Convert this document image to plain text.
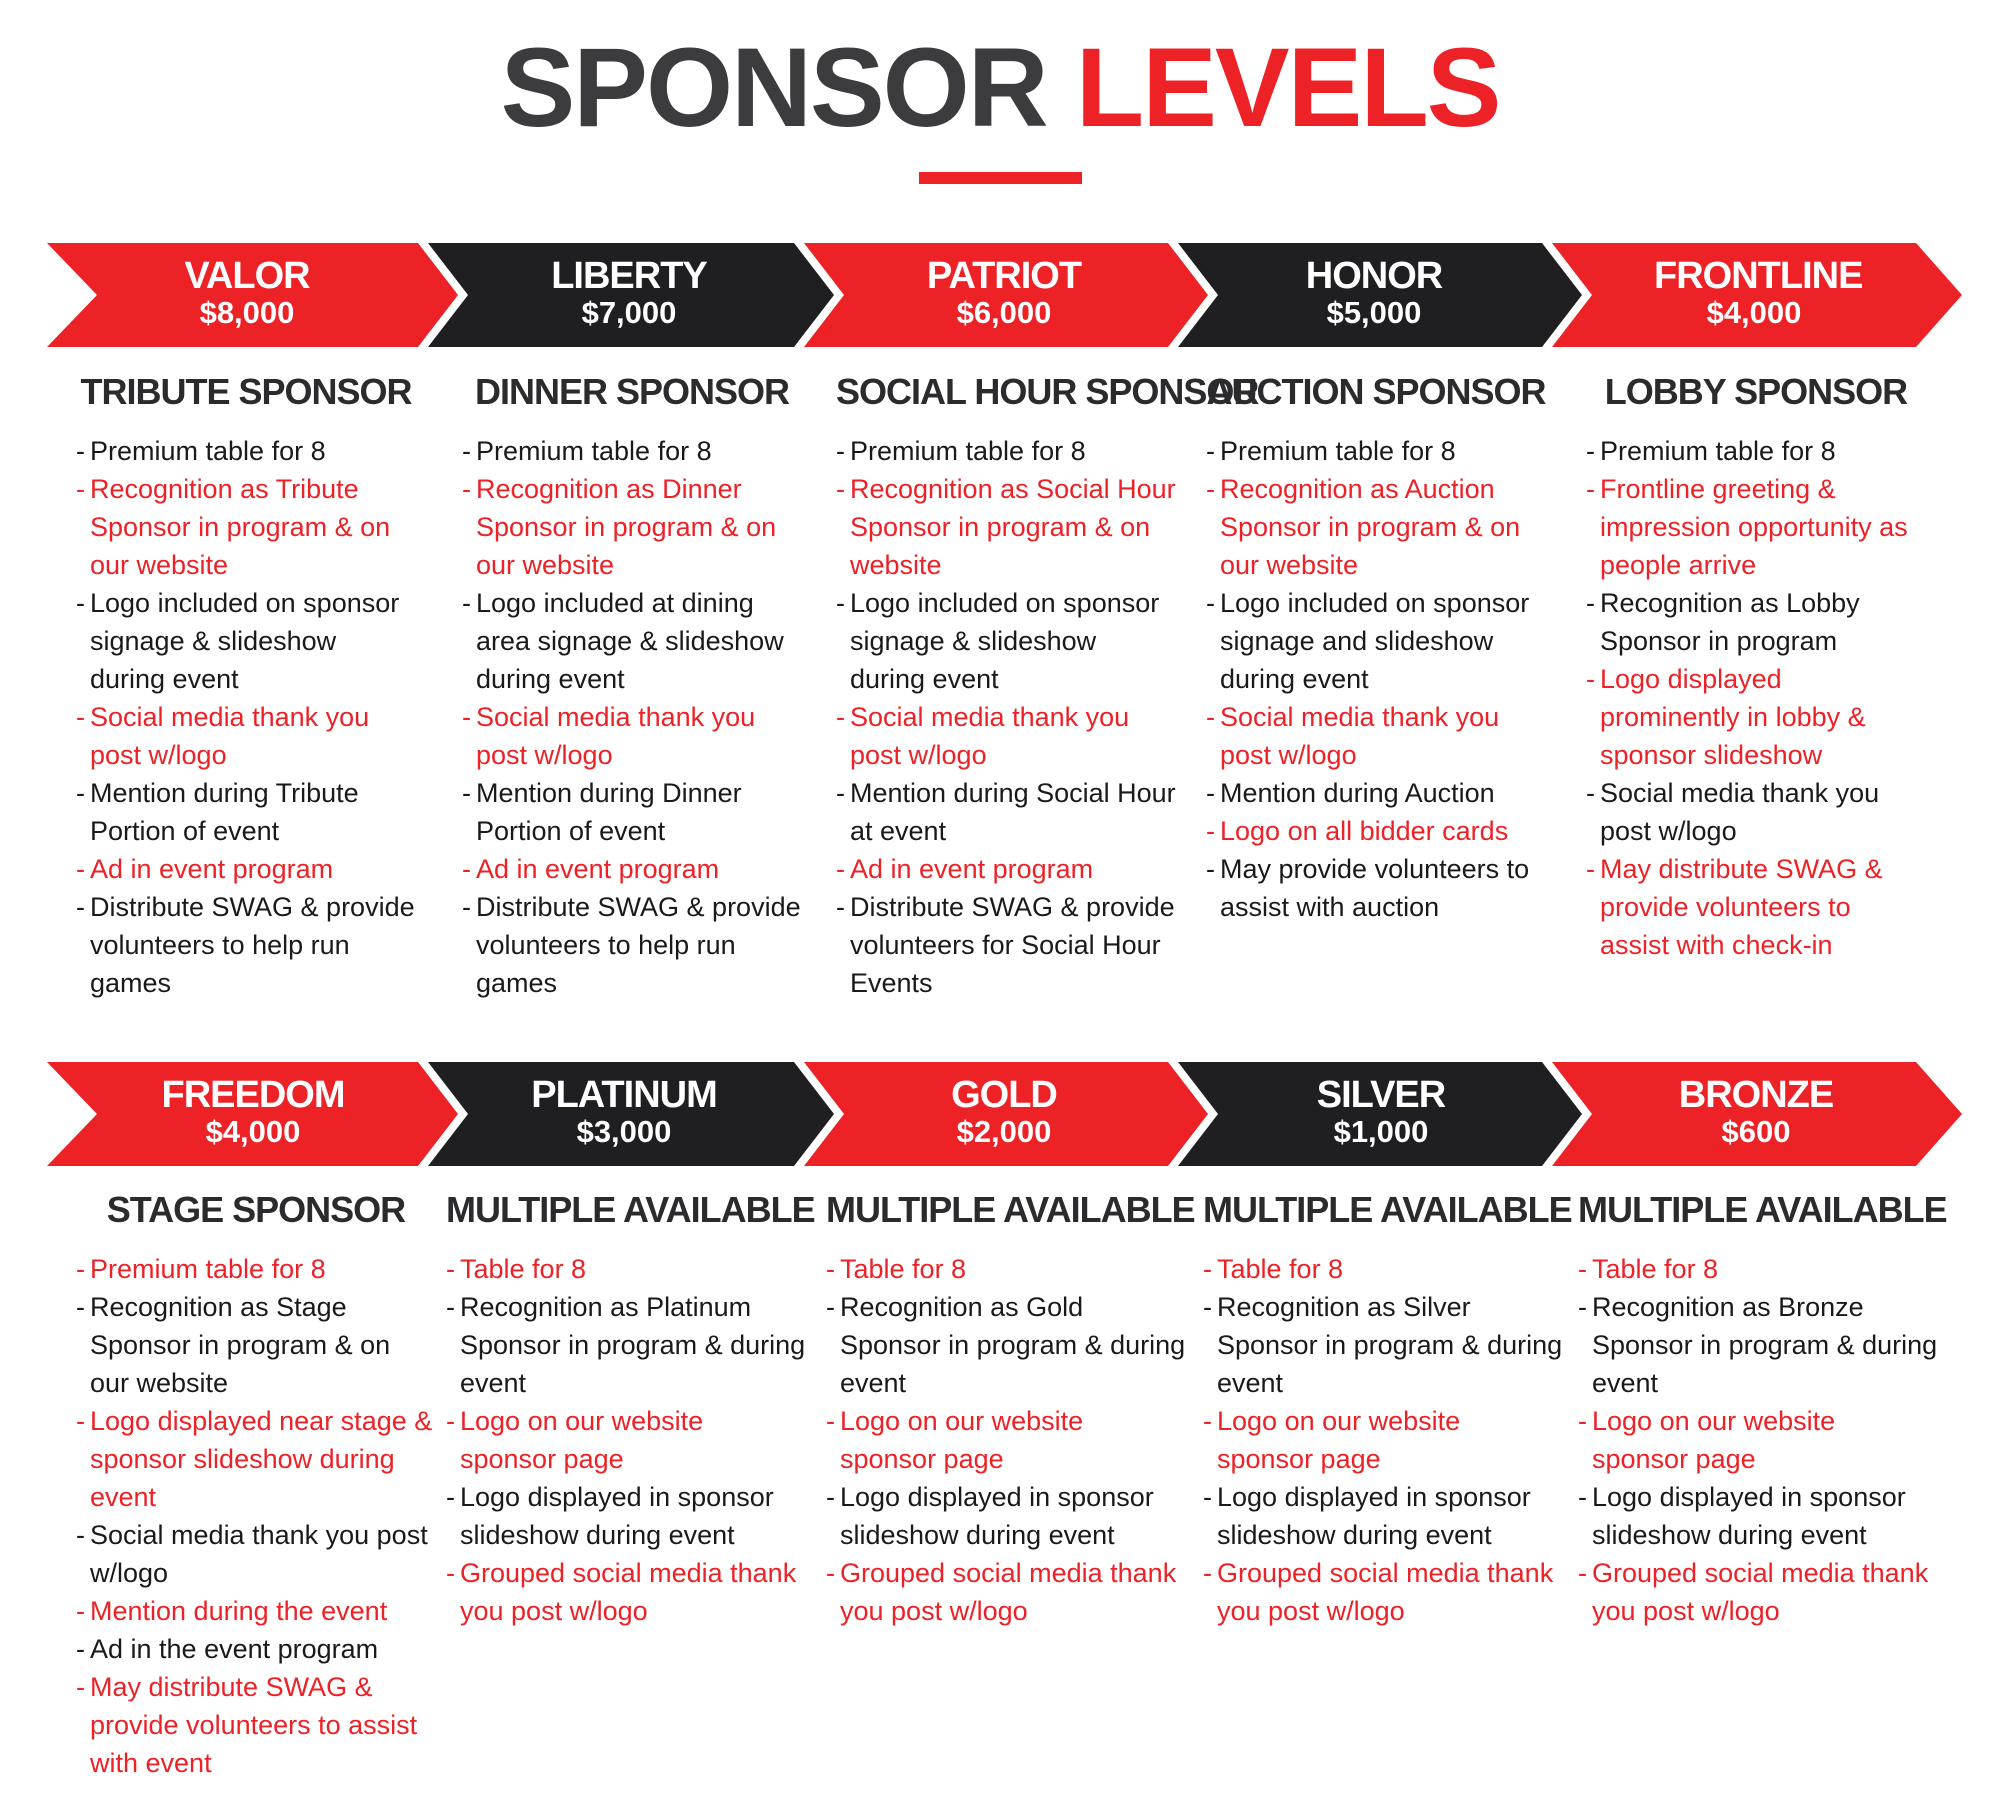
SPONSOR LEVELS
VALOR
$8,000
LIBERTY
$7,000
PATRIOT
$6,000
HONOR
$5,000
FRONTLINE
$4,000
TRIBUTE SPONSOR
- Premium table for 8
- Recognition as Tribute Sponsor in program & on our website
- Logo included on sponsor signage & slideshow during event
- Social media thank you post w/logo
- Mention during Tribute Portion of event
- Ad in event program
- Distribute SWAG & provide volunteers to help run games
DINNER SPONSOR
- Premium table for 8
- Recognition as Dinner Sponsor in program & on our website
- Logo included at dining area signage & slideshow during event
- Social media thank you post w/logo
- Mention during Dinner Portion of event
- Ad in event program
- Distribute SWAG & provide volunteers to help run games
SOCIAL HOUR SPONSOR
- Premium table for 8
- Recognition as Social Hour Sponsor in program & on website
- Logo included on sponsor signage & slideshow during event
- Social media thank you post w/logo
- Mention during Social Hour at event
- Ad in event program
- Distribute SWAG & provide volunteers for Social Hour Events
AUCTION SPONSOR
- Premium table for 8
- Recognition as Auction Sponsor in program & on our website
- Logo included on sponsor signage and slideshow during event
- Social media thank you post w/logo
- Mention during Auction
- Logo on all bidder cards
- May provide volunteers to assist with auction
LOBBY SPONSOR
- Premium table for 8
- Frontline greeting & impression opportunity as people arrive
- Recognition as Lobby Sponsor in program
- Logo displayed prominently in lobby & sponsor slideshow
- Social media thank you post w/logo
- May distribute SWAG & provide volunteers to assist with check-in
FREEDOM
$4,000
PLATINUM
$3,000
GOLD
$2,000
SILVER
$1,000
BRONZE
$600
STAGE SPONSOR
- Premium table for 8
- Recognition as Stage Sponsor in program & on our website
- Logo displayed near stage & sponsor slideshow during event
- Social media thank you post w/logo
- Mention during the event
- Ad in the event program
- May distribute SWAG & provide volunteers to assist with event
MULTIPLE AVAILABLE
- Table for 8
- Recognition as Platinum Sponsor in program & during event
- Logo on our website sponsor page
- Logo displayed in sponsor slideshow during event
- Grouped social media thank you post w/logo
MULTIPLE AVAILABLE
- Table for 8
- Recognition as Gold Sponsor in program & during event
- Logo on our website sponsor page
- Logo displayed in sponsor slideshow during event
- Grouped social media thank you post w/logo
MULTIPLE AVAILABLE
- Table for 8
- Recognition as Silver Sponsor in program & during event
- Logo on our website sponsor page
- Logo displayed in sponsor slideshow during event
- Grouped social media thank you post w/logo
MULTIPLE AVAILABLE
- Table for 8
- Recognition as Bronze Sponsor in program & during event
- Logo on our website sponsor page
- Logo displayed in sponsor slideshow during event
- Grouped social media thank you post w/logo
